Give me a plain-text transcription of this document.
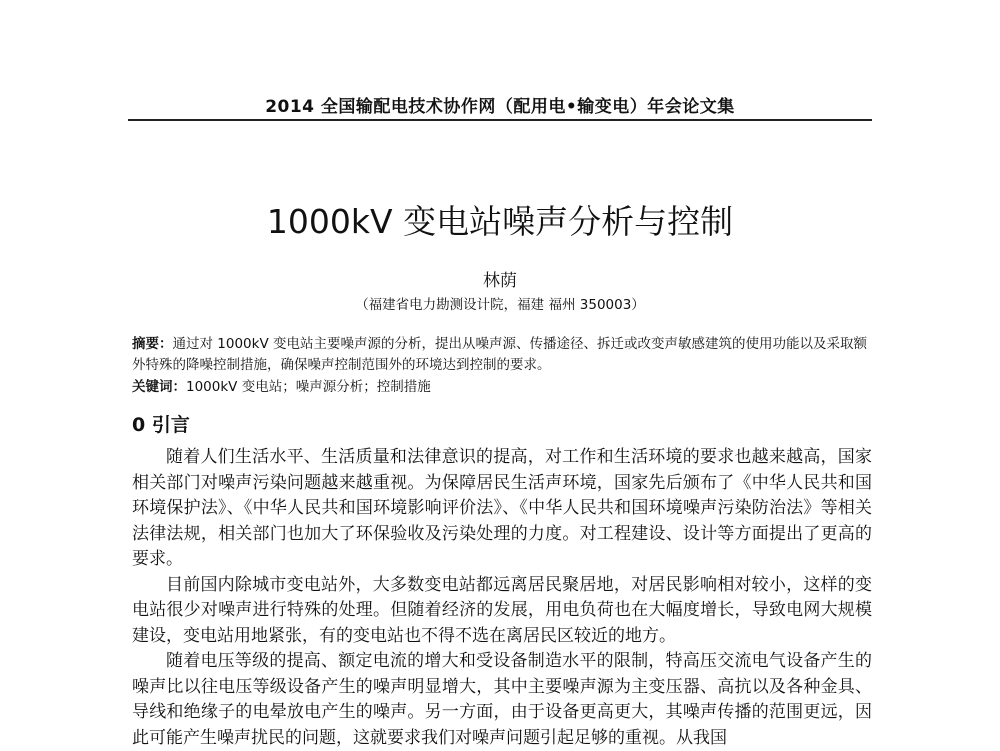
2014 全国输配电技术协作网（配用电•输变电）年会论文集
1000kV 变电站噪声分析与控制
林荫
（福建省电力勘测设计院，福建 福州 350003）
摘要：通过对 1000kV 变电站主要噪声源的分析，提出从噪声源、传播途径、拆迁或改变声敏感建筑的使用功能以及采取额外特殊的降噪控制措施，确保噪声控制范围外的环境达到控制的要求。
关键词：1000kV 变电站；噪声源分析；控制措施
0 引言

随着人们生活水平、生活质量和法律意识的提高，对工作和生活环境的要求也越来越高，国家相关部门对噪声污染问题越来越重视。为保障居民生活声环境，国家先后颁布了《中华人民共和国环境保护法》、《中华人民共和国环境影响评价法》、《中华人民共和国环境噪声污染防治法》等相关法律法规，相关部门也加大了环保验收及污染处理的力度。对工程建设、设计等方面提出了更高的要求。

目前国内除城市变电站外，大多数变电站都远离居民聚居地，对居民影响相对较小，这样的变电站很少对噪声进行特殊的处理。但随着经济的发展，用电负荷也在大幅度增长，导致电网大规模建设，变电站用地紧张，有的变电站也不得不选在离居民区较近的地方。

随着电压等级的提高、额定电流的增大和受设备制造水平的限制，特高压交流电气设备产生的噪声比以往电压等级设备产生的噪声明显增大，其中主要噪声源为主变压器、高抗以及各种金具、导线和绝缘子的电晕放电产生的噪声。另一方面，由于设备更高更大，其噪声传播的范围更远，因此可能产生噪声扰民的问题，这就要求我们对噪声问题引起足够的重视。从我国
